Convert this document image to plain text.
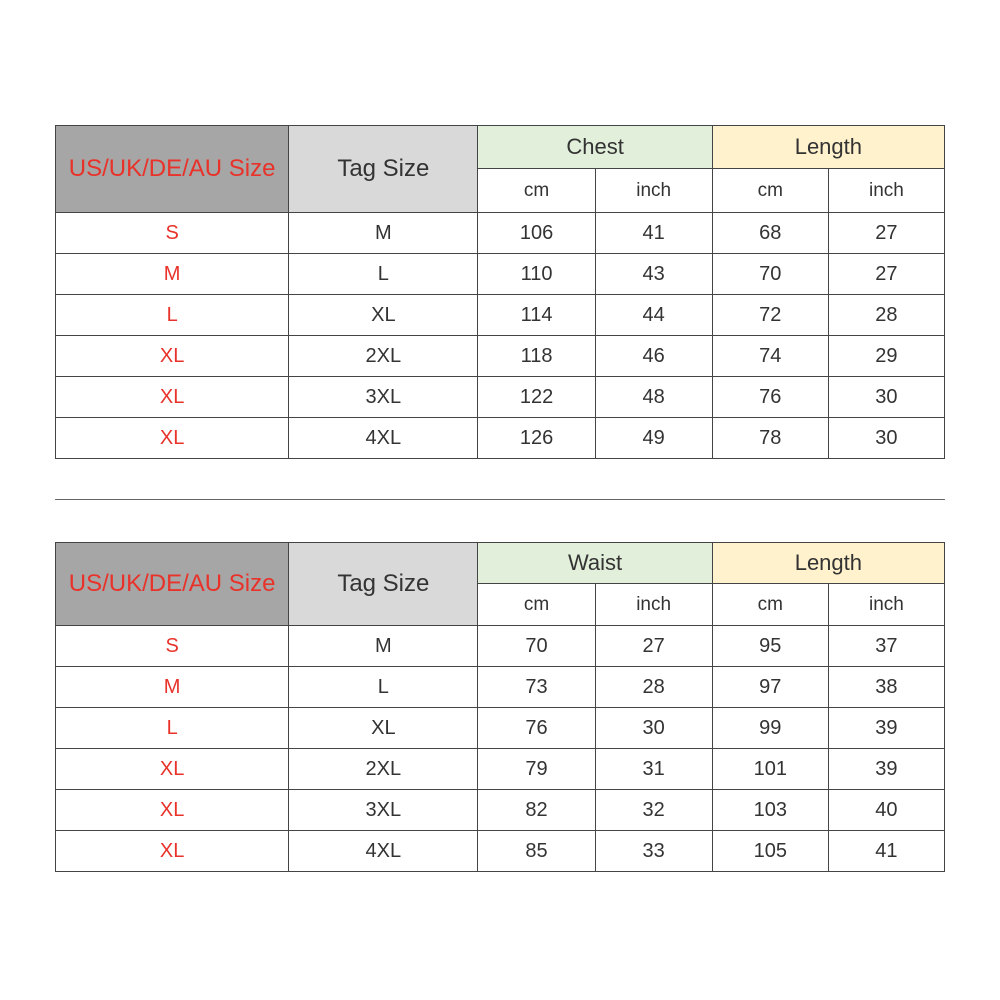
US/UK/DE/AU Size	Tag Size	Chest		Length	
		cm	inch	cm	inch
S	M	106	41	68	27
M	L	110	43	70	27
L	XL	114	44	72	28
XL	2XL	118	46	74	29
XL	3XL	122	48	76	30
XL	4XL	126	49	78	30
US/UK/DE/AU Size	Tag Size	Waist		Length	
		cm	inch	cm	inch
S	M	70	27	95	37
M	L	73	28	97	38
L	XL	76	30	99	39
XL	2XL	79	31	101	39
XL	3XL	82	32	103	40
XL	4XL	85	33	105	41
